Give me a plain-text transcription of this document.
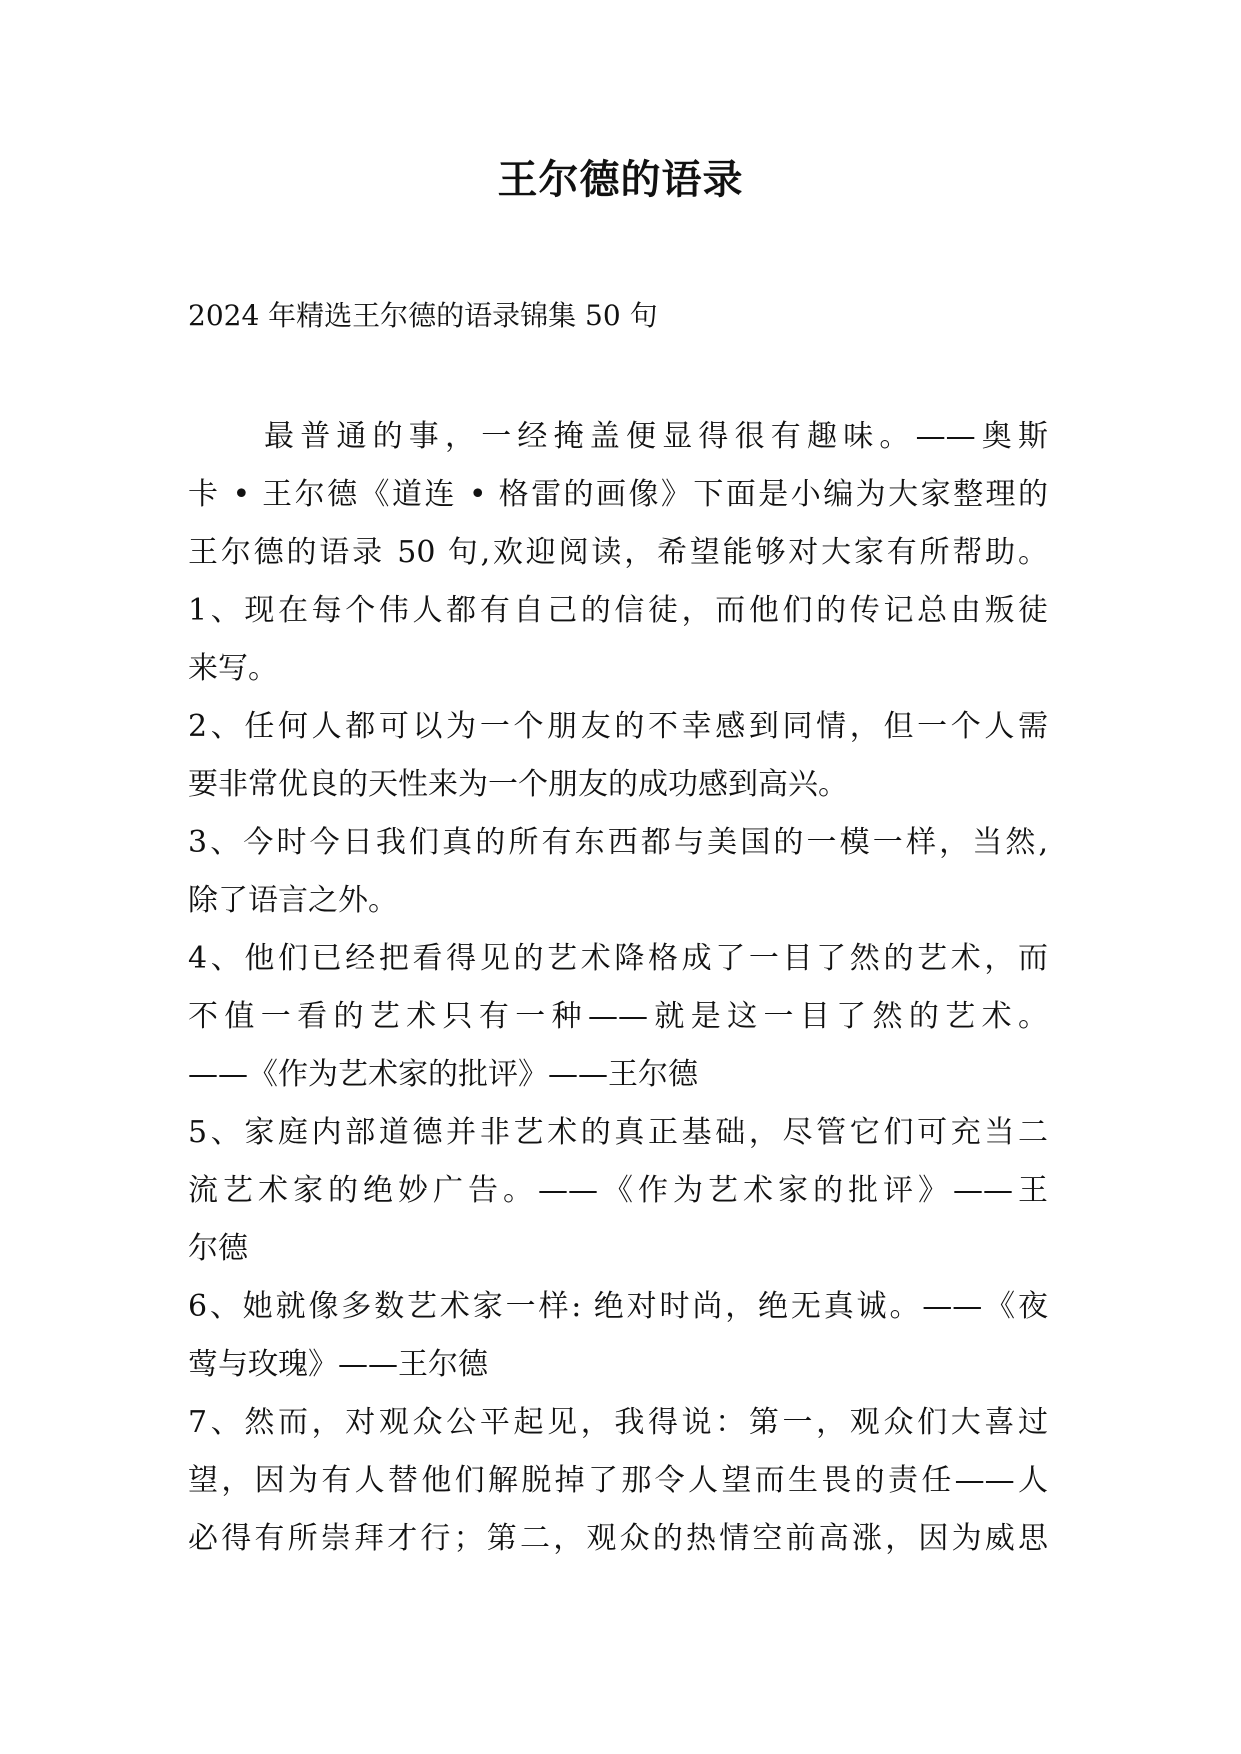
王尔德的语录
2024 年精选王尔德的语录锦集 50 句
最普通的事，一经掩盖便显得很有趣味。——奥斯
卡 • 王尔德《道连 • 格雷的画像》下面是小编为大家整理的
王尔德的语录 50 句,欢迎阅读，希望能够对大家有所帮助。
1、现在每个伟人都有自己的信徒，而他们的传记总由叛徒
来写。
2、任何人都可以为一个朋友的不幸感到同情，但一个人需
要非常优良的天性来为一个朋友的成功感到高兴。
3、今时今日我们真的所有东西都与美国的一模一样，当然,
除了语言之外。
4、他们已经把看得见的艺术降格成了一目了然的艺术，而
不值一看的艺术只有一种——就是这一目了然的艺术。
——《作为艺术家的批评》——王尔德
5、家庭内部道德并非艺术的真正基础，尽管它们可充当二
流艺术家的绝妙广告。——《作为艺术家的批评》——王
尔德
6、她就像多数艺术家一样: 绝对时尚，绝无真诚。——《夜
莺与玫瑰》——王尔德
7、然而，对观众公平起见，我得说：第一，观众们大喜过
望，因为有人替他们解脱掉了那令人望而生畏的责任——人
必得有所崇拜才行；第二，观众的热情空前高涨，因为威思
